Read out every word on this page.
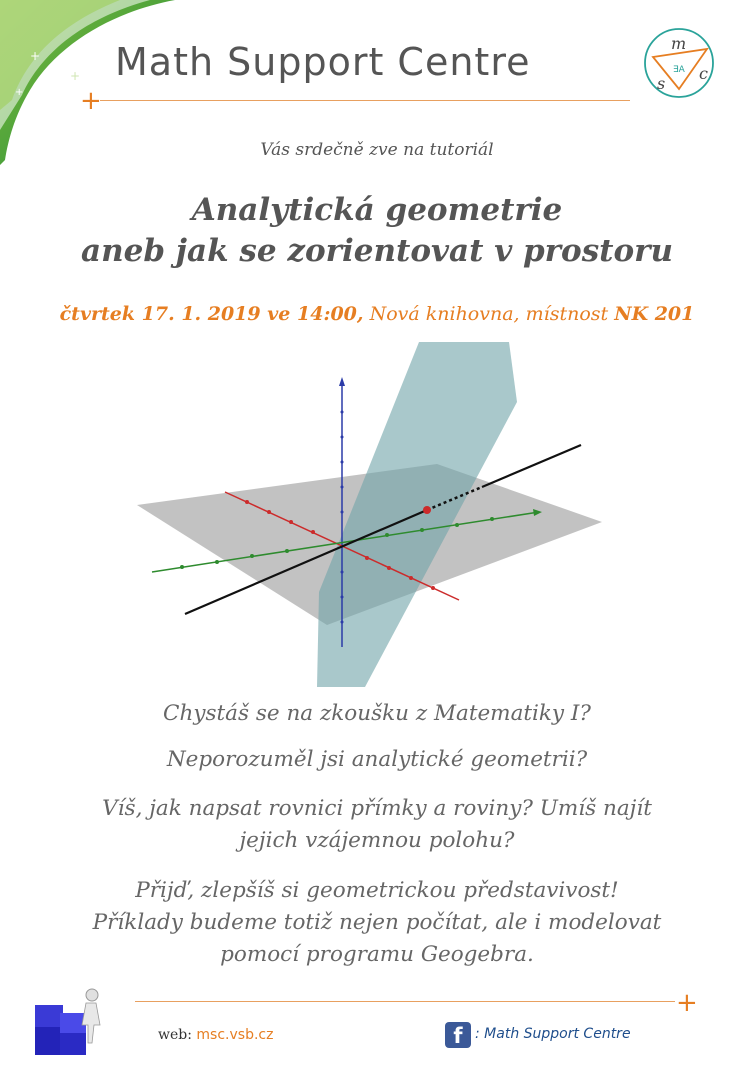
+
+
+
Math Support Centre
+
m
s
c
∃A
Vás srdečně zve na tutoriál
Analytická geometrie
aneb jak se zorientovat v prostoru
čtvrtek 17. 1. 2019 ve 14:00, Nová knihovna, místnost NK 201
Chystáš se na zkoušku z Matematiky I?
Neporozuměl jsi analytické geometrii?
Víš, jak napsat rovnici přímky a roviny? Umíš najít
jejich vzájemnou polohu?
Přijď, zlepšíš si geometrickou představivost!
Příklady budeme totiž nejen počítat, ale i modelovat
pomocí programu Geogebra.
+
web: msc.vsb.cz	f : Math Support Centre
